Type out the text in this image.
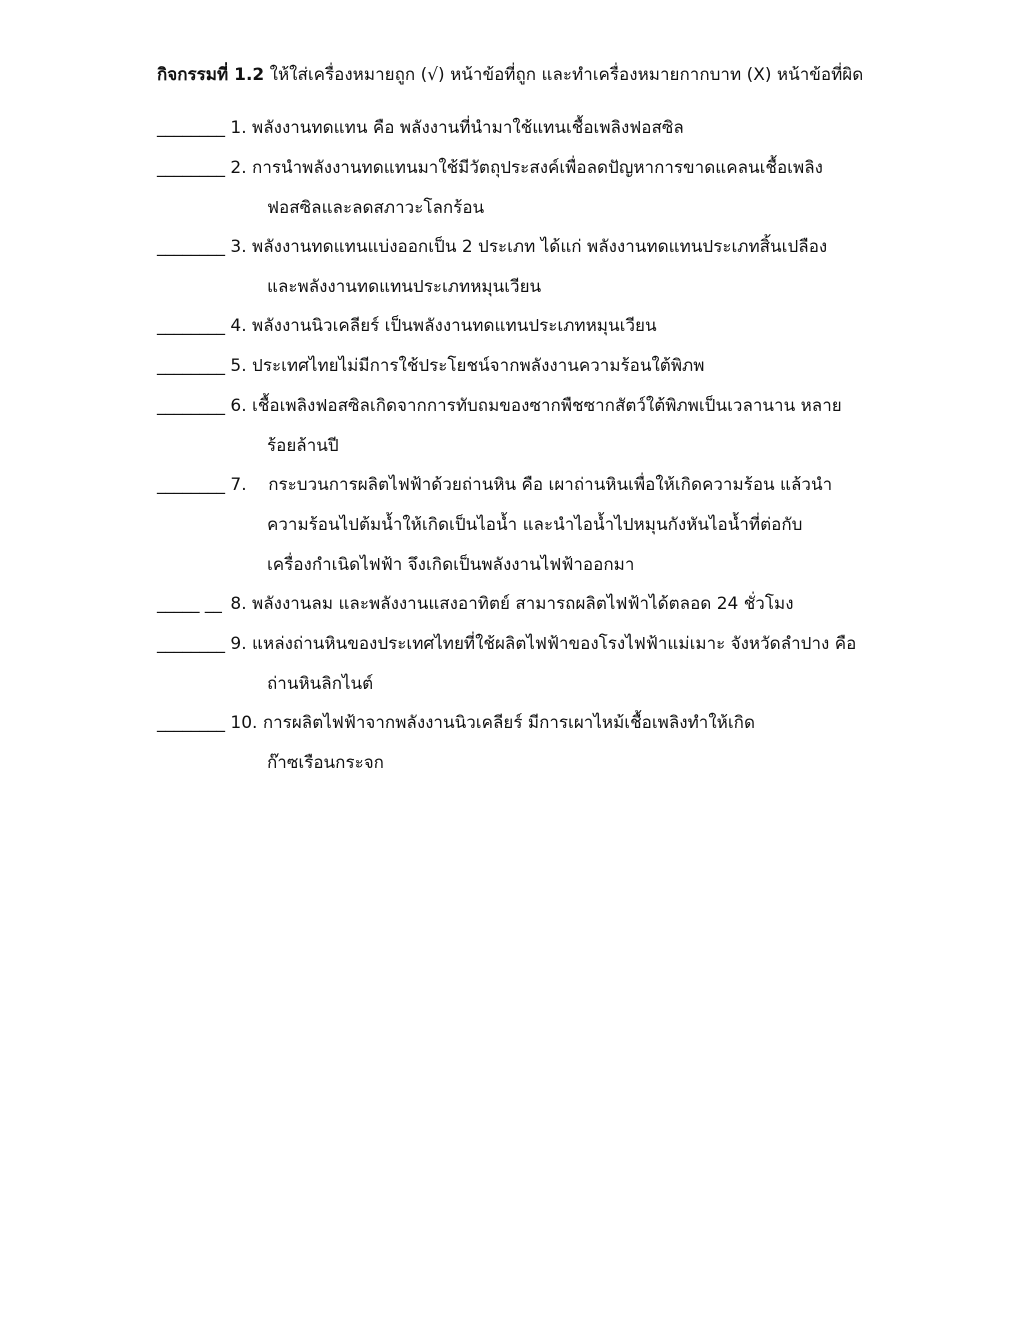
กิจกรรมที่ 1.2 ให้ใส่เครื่องหมายถูก (√) หน้าข้อที่ถูก และทำเครื่องหมายกากบาท (X) หน้าข้อที่ผิด
________ 1. พลังงานทดแทน คือ พลังงานที่นำมาใช้แทนเชื้อเพลิงฟอสซิล
________ 2. การนำพลังงานทดแทนมาใช้มีวัตถุประสงค์เพื่อลดปัญหาการขาดแคลนเชื้อเพลิง
ฟอสซิลและลดสภาวะโลกร้อน
________ 3. พลังงานทดแทนแบ่งออกเป็น 2 ประเภท ได้แก่ พลังงานทดแทนประเภทสิ้นเปลือง
และพลังงานทดแทนประเภทหมุนเวียน
________ 4. พลังงานนิวเคลียร์ เป็นพลังงานทดแทนประเภทหมุนเวียน
________ 5. ประเทศไทยไม่มีการใช้ประโยชน์จากพลังงานความร้อนใต้พิภพ
________ 6. เชื้อเพลิงฟอสซิลเกิดจากการทับถมของซากพืชซากสัตว์ใต้พิภพเป็นเวลานาน หลาย
ร้อยล้านปี
________ 7.    กระบวนการผลิตไฟฟ้าด้วยถ่านหิน คือ เผาถ่านหินเพื่อให้เกิดความร้อน แล้วนำ
ความร้อนไปต้มน้ำให้เกิดเป็นไอน้ำ และนำไอน้ำไปหมุนกังหันไอน้ำที่ต่อกับ
เครื่องกำเนิดไฟฟ้า จึงเกิดเป็นพลังงานไฟฟ้าออกมา
_____ __ 8. พลังงานลม และพลังงานแสงอาทิตย์ สามารถผลิตไฟฟ้าได้ตลอด 24 ชั่วโมง
________ 9. แหล่งถ่านหินของประเทศไทยที่ใช้ผลิตไฟฟ้าของโรงไฟฟ้าแม่เมาะ จังหวัดลำปาง คือ
ถ่านหินลิกไนต์
________ 10. การผลิตไฟฟ้าจากพลังงานนิวเคลียร์ มีการเผาไหม้เชื้อเพลิงทำให้เกิด
ก๊าซเรือนกระจก
